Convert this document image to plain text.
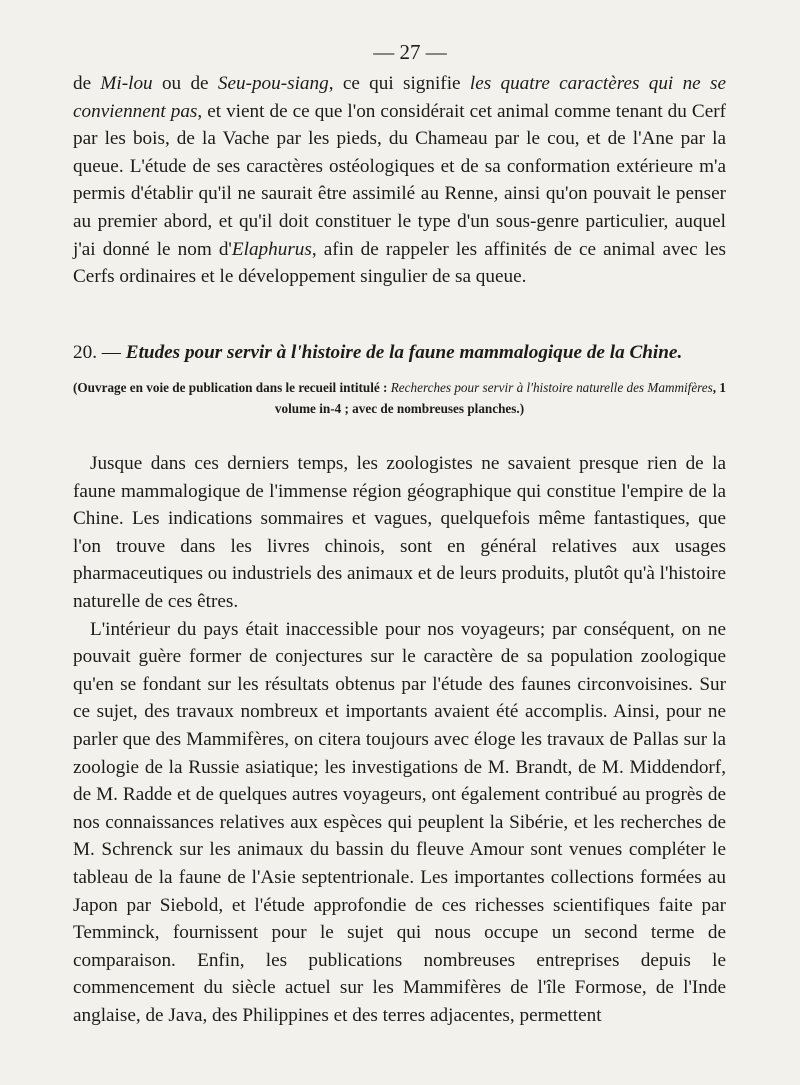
— 27 —

de Mi-lou ou de Seu-pou-siang, ce qui signifie les quatre caractères qui ne se conviennent pas, et vient de ce que l'on considérait cet animal comme tenant du Cerf par les bois, de la Vache par les pieds, du Chameau par le cou, et de l'Ane par la queue. L'étude de ses caractères ostéologiques et de sa conformation extérieure m'a permis d'établir qu'il ne saurait être assimilé au Renne, ainsi qu'on pouvait le penser au premier abord, et qu'il doit constituer le type d'un sous-genre particulier, auquel j'ai donné le nom d'Elaphurus, afin de rappeler les affinités de ce animal avec les Cerfs ordinaires et le développement singulier de sa queue.

20. — Etudes pour servir à l'histoire de la faune mammalogique de la Chine.
(Ouvrage en voie de publication dans le recueil intitulé : Recherches pour servir à l'histoire naturelle des Mammifères, 1 volume in-4 ; avec de nombreuses planches.)

Jusque dans ces derniers temps, les zoologistes ne savaient presque rien de la faune mammalogique de l'immense région géographique qui constitue l'empire de la Chine. Les indications sommaires et vagues, quelquefois même fantastiques, que l'on trouve dans les livres chinois, sont en général relatives aux usages pharmaceutiques ou industriels des animaux et de leurs produits, plutôt qu'à l'histoire naturelle de ces êtres.

L'intérieur du pays était inaccessible pour nos voyageurs; par conséquent, on ne pouvait guère former de conjectures sur le caractère de sa population zoologique qu'en se fondant sur les résultats obtenus par l'étude des faunes circonvoisines. Sur ce sujet, des travaux nombreux et importants avaient été accomplis. Ainsi, pour ne parler que des Mammifères, on citera toujours avec éloge les travaux de Pallas sur la zoologie de la Russie asiatique; les investigations de M. Brandt, de M. Middendorf, de M. Radde et de quelques autres voyageurs, ont également contribué au progrès de nos connaissances relatives aux espèces qui peuplent la Sibérie, et les recherches de M. Schrenck sur les animaux du bassin du fleuve Amour sont venues compléter le tableau de la faune de l'Asie septentrionale. Les importantes collections formées au Japon par Siebold, et l'étude approfondie de ces richesses scientifiques faite par Temminck, fournissent pour le sujet qui nous occupe un second terme de comparaison. Enfin, les publications nombreuses entreprises depuis le commencement du siècle actuel sur les Mammifères de l'île Formose, de l'Inde anglaise, de Java, des Philippines et des terres adjacentes, permettent
